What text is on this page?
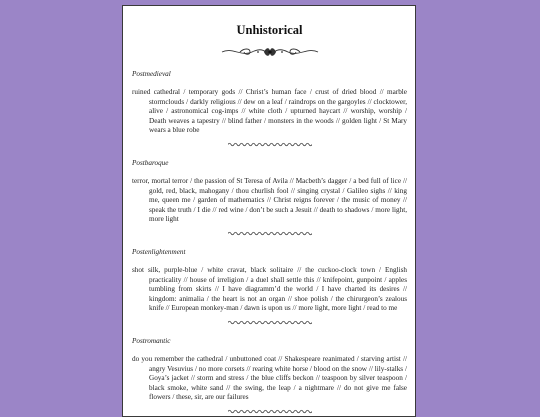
Unhistorical

Postmedieval

ruined cathedral / temporary gods // Christ’s human face / crust of dried blood // marble stormclouds / darkly religious // dew on a leaf / raindrops on the gargoyles // clocktower, alive / astronomical cog-imps // white cloth / upturned haycart // worship, worship / Death weaves a tapestry // blind father / monsters in the woods // golden light / St Mary wears a blue robe

Postbaroque

terror, mortal terror / the passion of St Teresa of Avila // Macbeth’s dagger / a bed full of lice // gold, red, black, mahogany / thou churlish fool // singing crystal / Galileo sighs // king me, queen me / garden of mathematics // Christ reigns forever / the music of money // speak the truth / I die // red wine / don’t be such a Jesuit // death to shadows / more light, more light

Postenlightenment

shot silk, purple-blue / white cravat, black solitaire // the cuckoo-clock town / English practicality // house of irreligion / a duel shall settle this // knifepoint, gunpoint / apples tumbling from skirts // I have diagramm’d the world / I have charted its desires // kingdom: animalia / the heart is not an organ // shoe polish / the chirurgeon’s zealous knife // European monkey-man / dawn is upon us // more light, more light / read to me

Postromantic

do you remember the cathedral / unbuttoned coat // Shakespeare reanimated / starving artist // angry Vesuvius / no more corsets // rearing white horse / blood on the snow // lily-stalks / Goya’s jacket // storm and stress / the blue cliffs beckon // teaspoon by silver teaspoon / black smoke, white sand // the swing, the leap / a nightmare // do not give me false flowers / these, sir, are our failures
